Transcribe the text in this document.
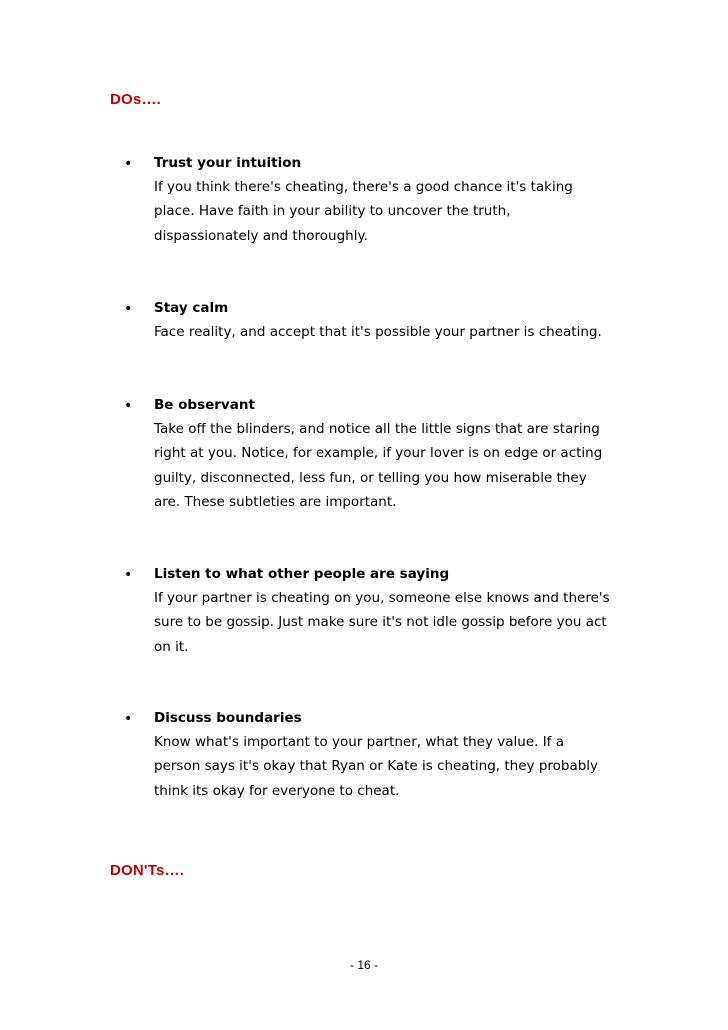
DOs….
• Trust your intuition
If you think there's cheating, there's a good chance it's taking
place. Have faith in your ability to uncover the truth,
dispassionately and thoroughly.
• Stay calm
Face reality, and accept that it's possible your partner is cheating.
• Be observant
Take off the blinders, and notice all the little signs that are staring
right at you. Notice, for example, if your lover is on edge or acting
guilty, disconnected, less fun, or telling you how miserable they
are. These subtleties are important.
• Listen to what other people are saying
If your partner is cheating on you, someone else knows and there's
sure to be gossip. Just make sure it's not idle gossip before you act
on it.
• Discuss boundaries
Know what's important to your partner, what they value. If a
person says it's okay that Ryan or Kate is cheating, they probably
think its okay for everyone to cheat.
DON'Ts….
- 16 -
